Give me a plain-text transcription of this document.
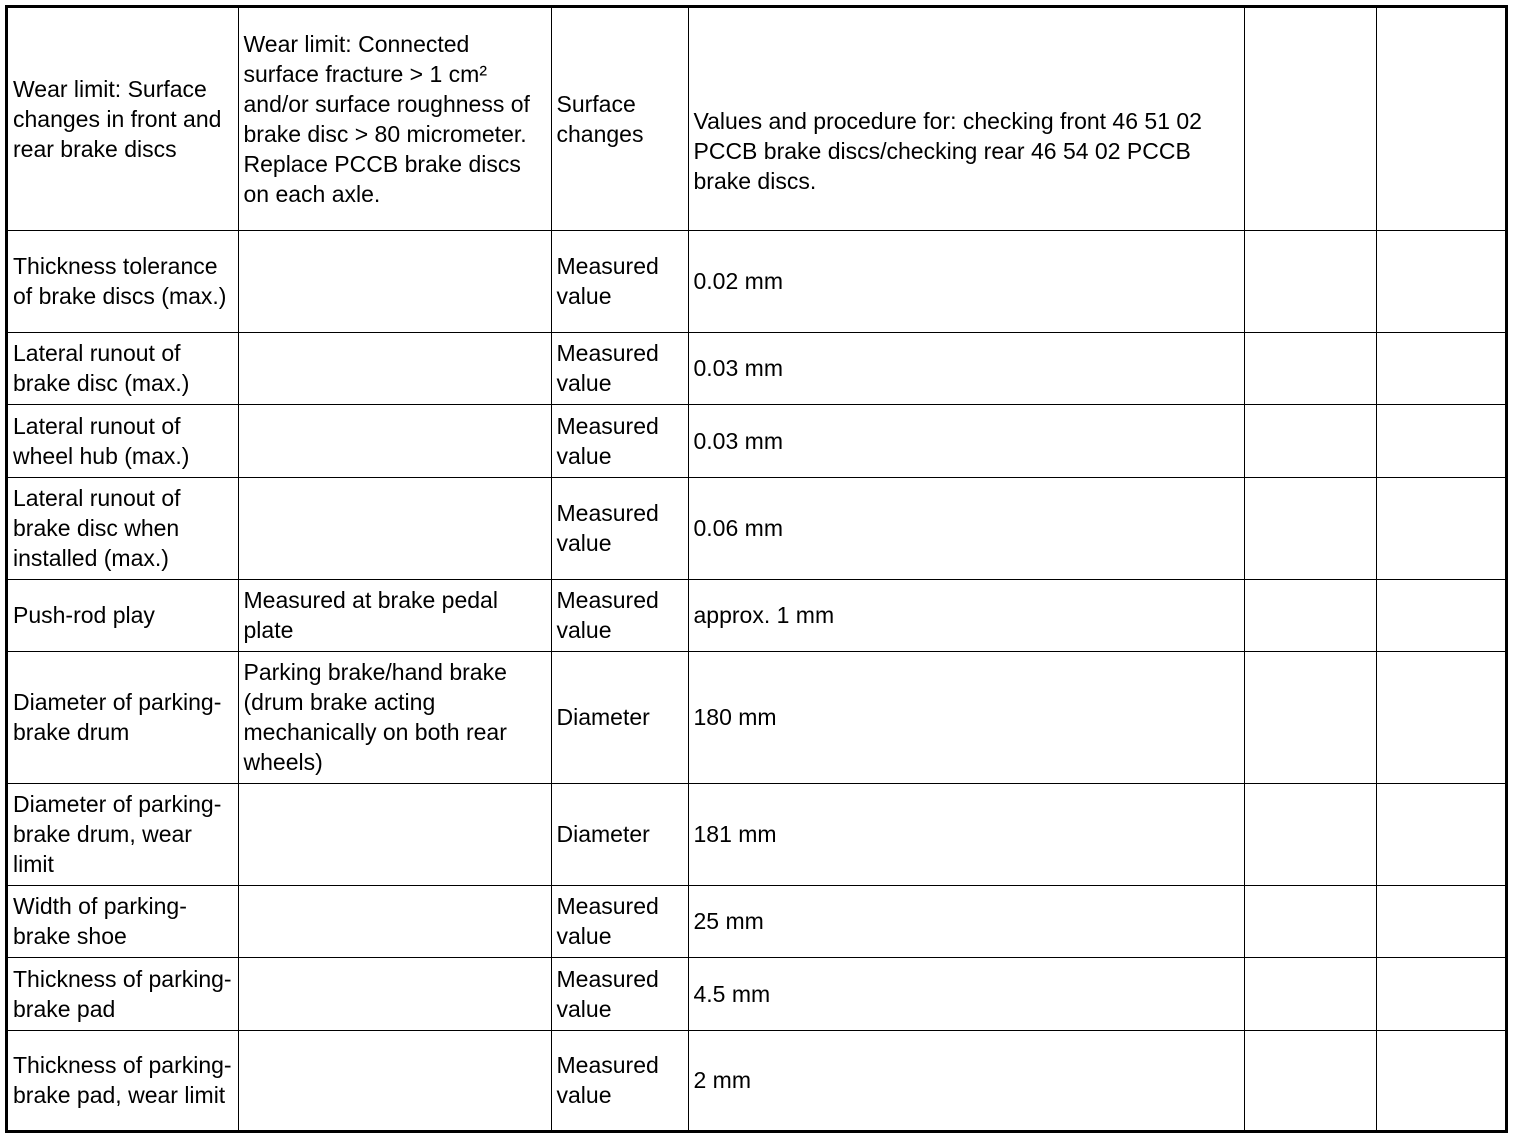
Wear limit: Surface changes in front and rear brake discs	Wear limit: Connected surface fracture > 1 cm² and/or surface roughness of brake disc > 80 micrometer. Replace PCCB brake discs on each axle.	Surface changes	Values and procedure for: checking front 46 51 02 PCCB brake discs/checking rear 46 54 02 PCCB brake discs.		
Thickness tolerance of brake discs (max.)		Measured value	0.02 mm		
Lateral runout of brake disc (max.)		Measured value	0.03 mm		
Lateral runout of wheel hub (max.)		Measured value	0.03 mm		
Lateral runout of brake disc when installed (max.)		Measured value	0.06 mm		
Push-rod play	Measured at brake pedal plate	Measured value	approx. 1 mm		
Diameter of parking-brake drum	Parking brake/hand brake (drum brake acting mechanically on both rear wheels)	Diameter	180 mm		
Diameter of parking-brake drum, wear limit		Diameter	181 mm		
Width of parking-brake shoe		Measured value	25 mm		
Thickness of parking-brake pad		Measured value	4.5 mm		
Thickness of parking-brake pad, wear limit		Measured value	2 mm		
